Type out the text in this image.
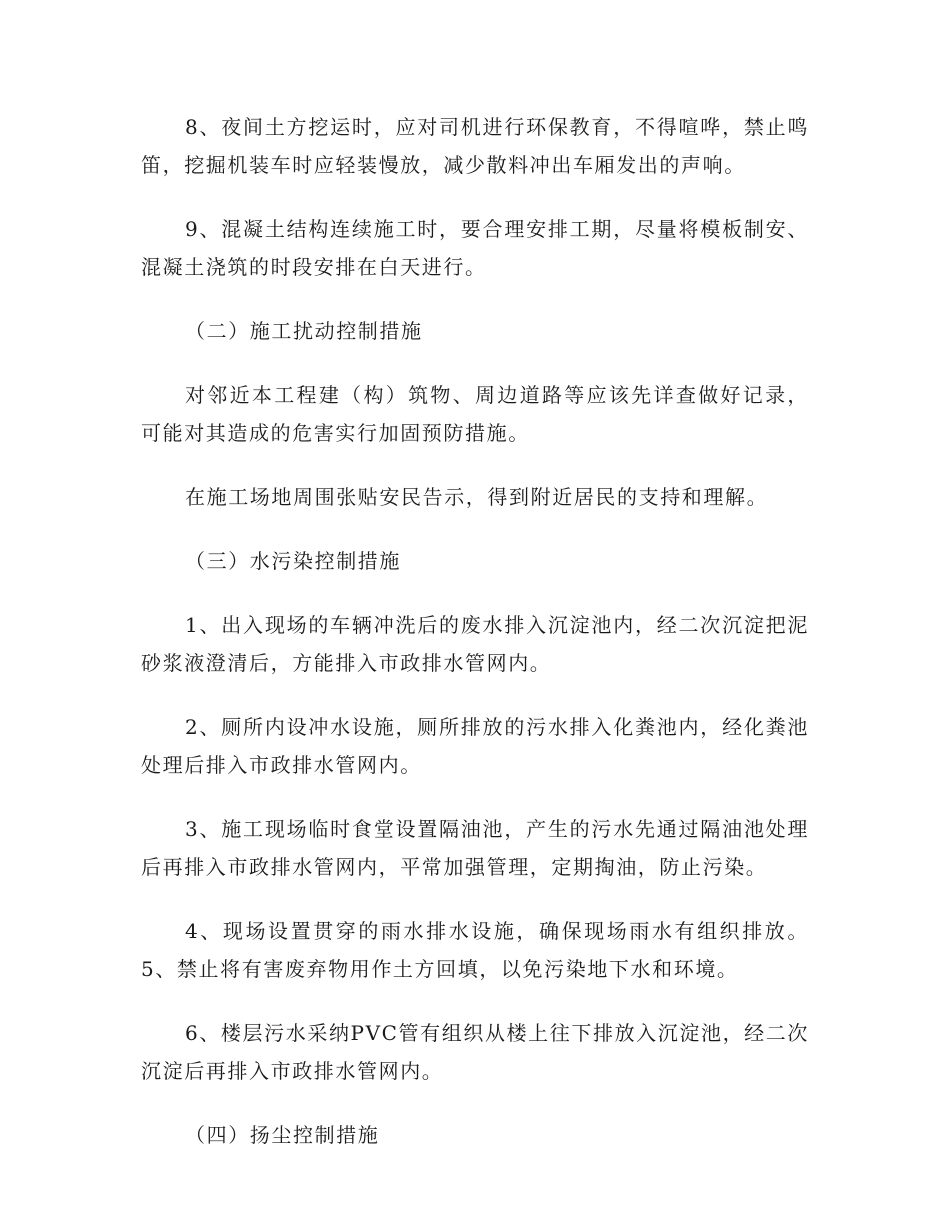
8、夜间土方挖运时，应对司机进行环保教育，不得喧哗，禁止鸣笛，挖掘机装车时应轻装慢放，减少散料冲出车厢发出的声响。

9、混凝土结构连续施工时，要合理安排工期，尽量将模板制安、混凝土浇筑的时段安排在白天进行。

（二）施工扰动控制措施

对邻近本工程建（构）筑物、周边道路等应该先详查做好记录，可能对其造成的危害实行加固预防措施。

在施工场地周围张贴安民告示，得到附近居民的支持和理解。

（三）水污染控制措施

1、出入现场的车辆冲洗后的废水排入沉淀池内，经二次沉淀把泥砂浆液澄清后，方能排入市政排水管网内。

2、厕所内设冲水设施，厕所排放的污水排入化粪池内，经化粪池处理后排入市政排水管网内。

3、施工现场临时食堂设置隔油池，产生的污水先通过隔油池处理后再排入市政排水管网内，平常加强管理，定期掏油，防止污染。

4、现场设置贯穿的雨水排水设施，确保现场雨水有组织排放。5、禁止将有害废弃物用作土方回填，以免污染地下水和环境。

6、楼层污水采纳PVC管有组织从楼上往下排放入沉淀池，经二次沉淀后再排入市政排水管网内。

（四）扬尘控制措施
